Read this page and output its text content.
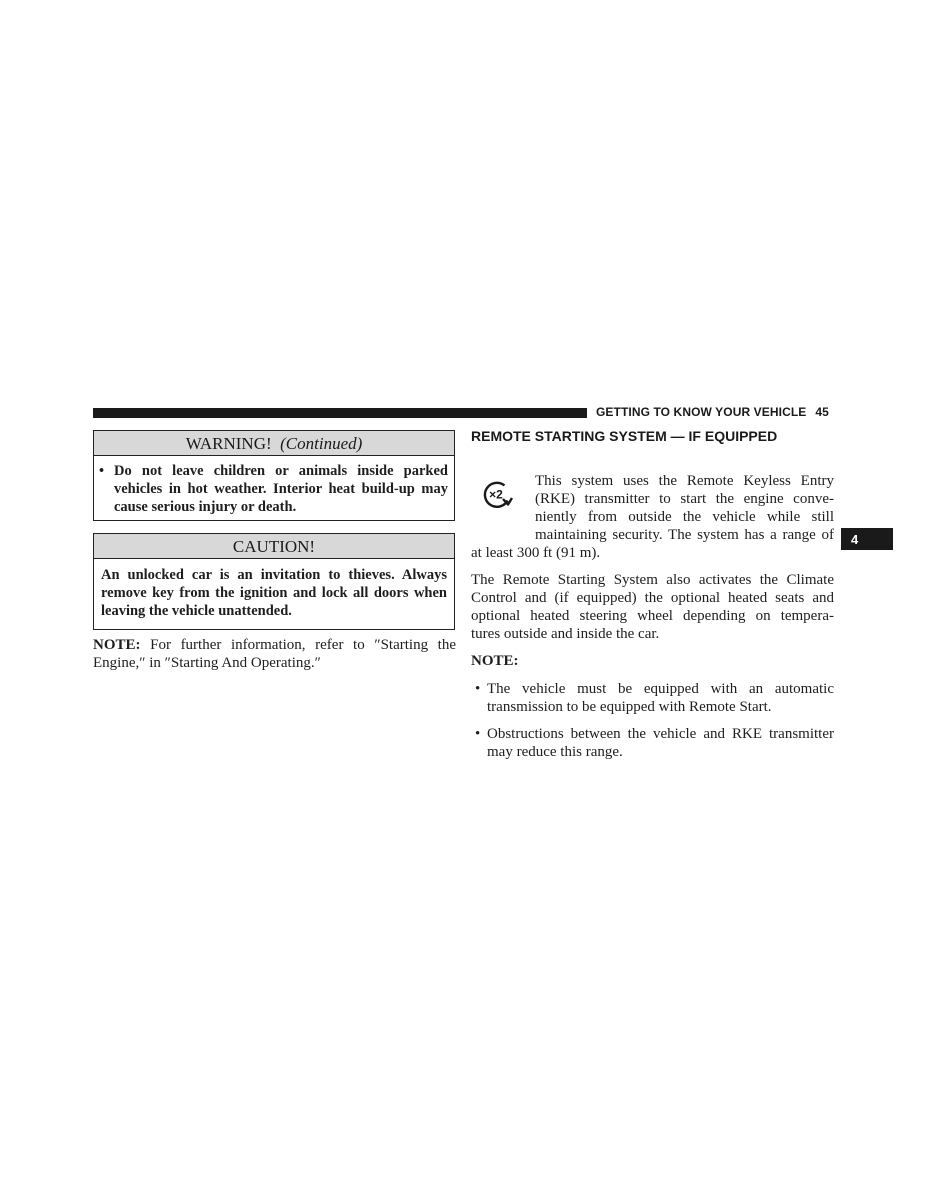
GETTING TO KNOW YOUR VEHICLE 45
WARNING! (Continued)
• Do not leave children or animals inside parked vehicles in hot weather. Interior heat build-up may cause serious injury or death.
CAUTION!
An unlocked car is an invitation to thieves. Always remove key from the ignition and lock all doors when leaving the vehicle unattended.
NOTE: For further information, refer to ″Starting the Engine,″ in ″Starting And Operating.″
REMOTE STARTING SYSTEM — IF EQUIPPED
×2
This system uses the Remote Keyless Entry
(RKE) transmitter to start the engine conve-
niently from outside the vehicle while still
maintaining security. The system has a range of
at least 300 ft (91 m).
The Remote Starting System also activates the Climate
Control and (if equipped) the optional heated seats and
optional heated steering wheel depending on tempera-
tures outside and inside the car.
NOTE:
• The vehicle must be equipped with an automatic
transmission to be equipped with Remote Start.
• Obstructions between the vehicle and RKE transmitter
may reduce this range.
4
